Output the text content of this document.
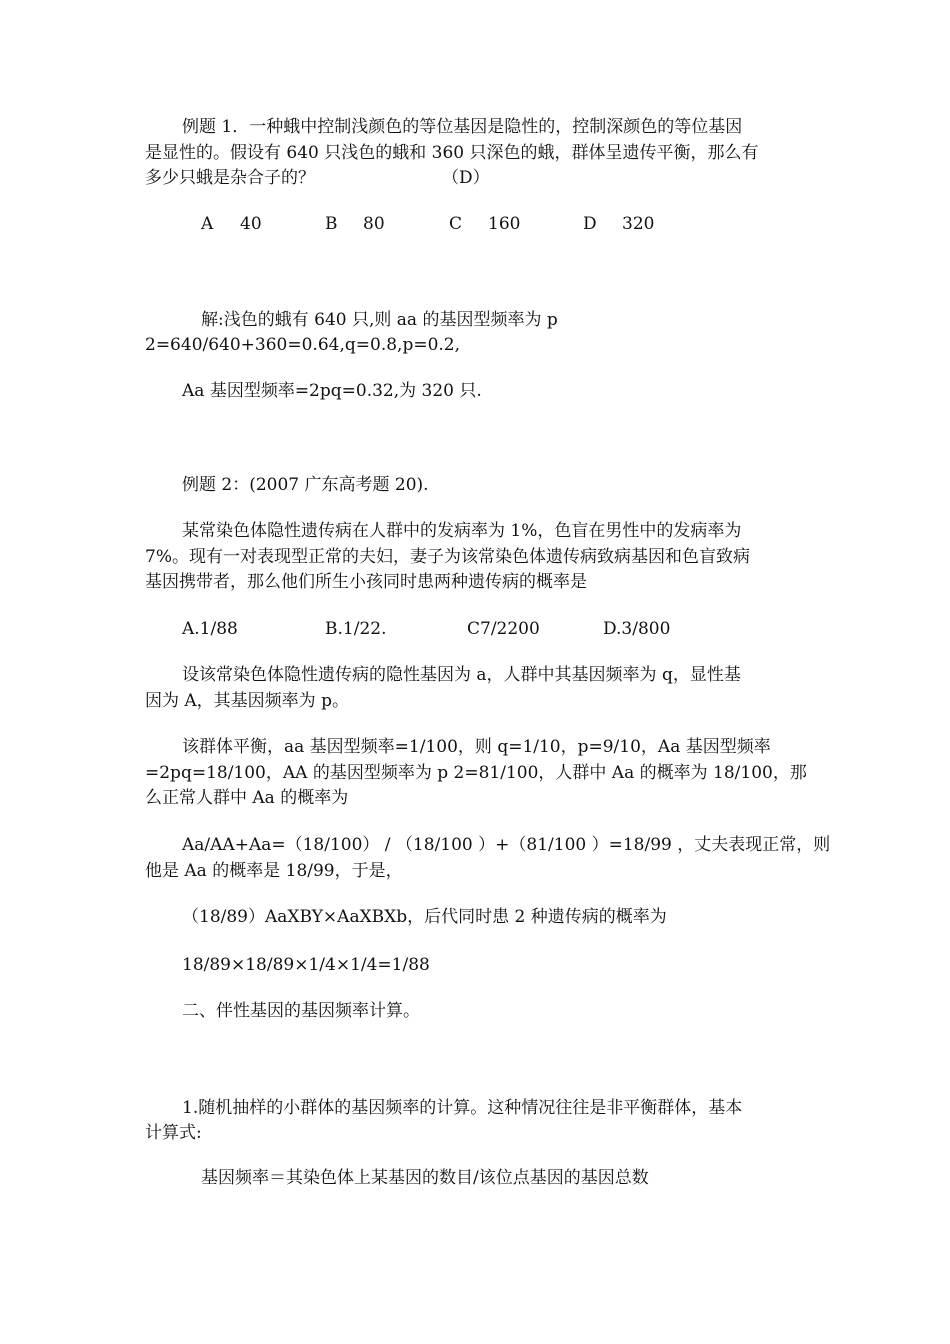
例题 1．一种蛾中控制浅颜色的等位基因是隐性的，控制深颜色的等位基因
是显性的。假设有 640 只浅色的蛾和 360 只深色的蛾，群体呈遗传平衡，那么有
多少只蛾是杂合子的？	（D）
A 40	B 80	C 160	D 320
解:浅色的蛾有 640 只,则 aa 的基因型频率为 p
2=640/640+360=0.64,q=0.8,p=0.2,
Aa 基因型频率=2pq=0.32,为 320 只.
例题 2：(2007 广东高考题 20).
某常染色体隐性遗传病在人群中的发病率为 1%，色盲在男性中的发病率为
7%。现有一对表现型正常的夫妇，妻子为该常染色体遗传病致病基因和色盲致病
基因携带者，那么他们所生小孩同时患两种遗传病的概率是
A.1/88	B.1/22.	C7/2200	D.3/800
设该常染色体隐性遗传病的隐性基因为 a，人群中其基因频率为 q，显性基
因为 A，其基因频率为 p。
该群体平衡，aa 基因型频率=1/100，则 q=1/10，p=9/10，Aa 基因型频率
=2pq=18/100，AA 的基因型频率为 p 2=81/100，人群中 Aa 的概率为 18/100，那
么正常人群中 Aa 的概率为
Aa/AA+Aa=（18/100） / （18/100 ）+（81/100 ）=18/99 ，丈夫表现正常，则
他是 Aa 的概率是 18/99，于是，
（18/89）AaXBY×AaXBXb，后代同时患 2 种遗传病的概率为
18/89×18/89×1/4×1/4=1/88
二、伴性基因的基因频率计算。
1.随机抽样的小群体的基因频率的计算。这种情况往往是非平衡群体，基本
计算式:
基因频率＝其染色体上某基因的数目/该位点基因的基因总数
